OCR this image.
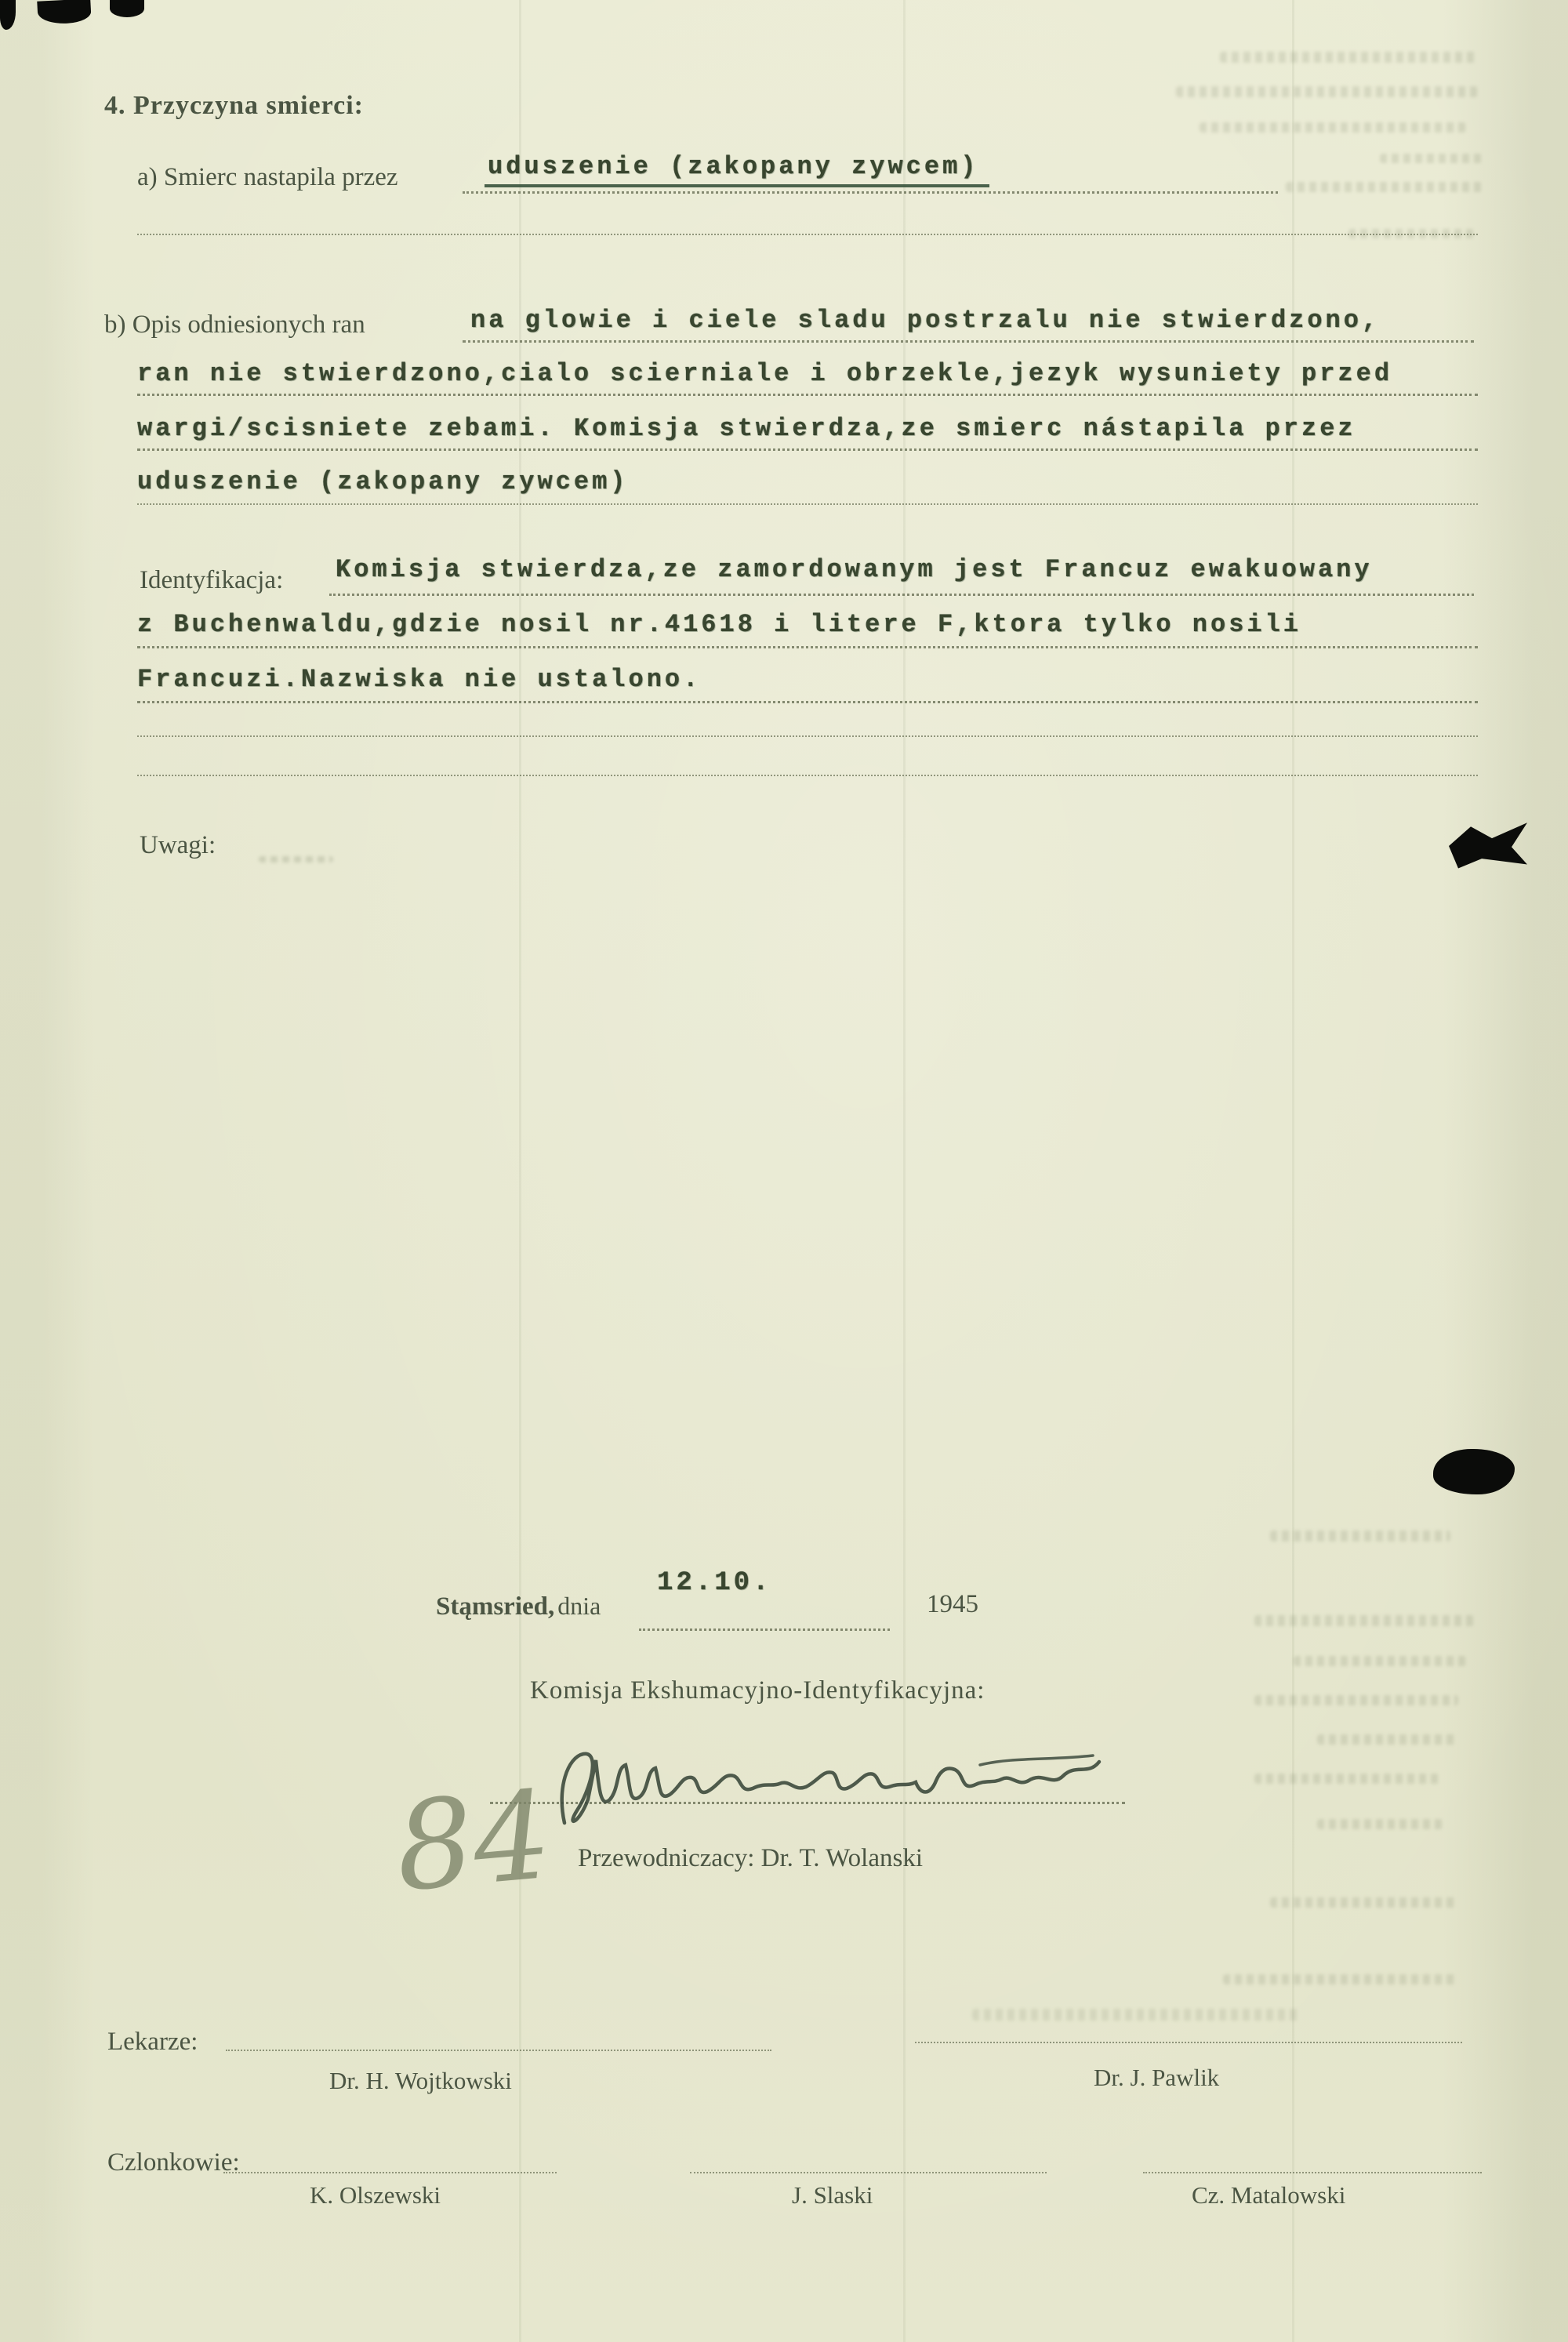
4. Przyczyna smierci:
a) Smierc nastapila przez	uduszenie (zakopany zywcem)
b) Opis odniesionych ran	na glowie i ciele sladu postrzalu nie stwierdzono,
ran nie stwierdzono,cialo scierniale i obrzekle,jezyk wysuniety przed
wargi/scisniete zebami. Komisja stwierdza,ze smierc nástapila przez
uduszenie (zakopany zywcem)
Identyfikacja: Komisja stwierdza,ze zamordowanym jest Francuz ewakuowany
z Buchenwaldu,gdzie nosil nr.41618 i litere F,ktora tylko nosili
Francuzi.Nazwiska nie ustalono.
Uwagi:
Stąmsried, dnia
12.10.
1945
Komisja Ekshumacyjno-Identyfikacyjna:
84 Przewodniczacy: Dr. T. Wolanski
Lekarze:
Dr. H. Wojtkowski	Dr. J. Pawlik
Czlonkowie:
K. Olszewski	J. Slaski	Cz. Matalowski
